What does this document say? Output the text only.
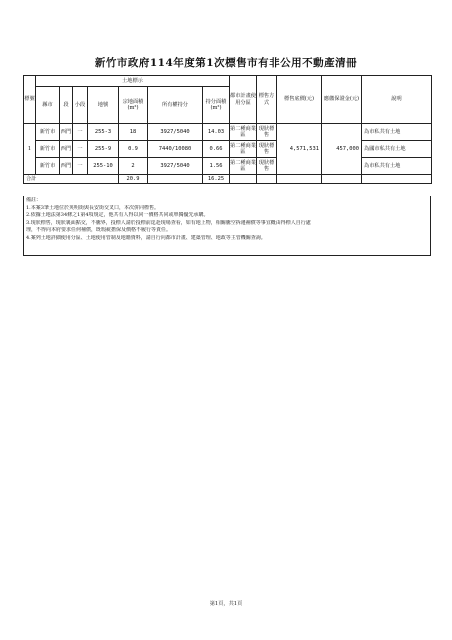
新竹市政府114年度第1次標售市有非公用不動產清冊
標號	土地標示							都市計畫使用分區	標售方式	標售底價(元)	應繳保證金(元)	說明
	縣市	段	小段	地號	宗地面積(m²)	所有權持分	持分面積(m²)					
1	新竹市	西門	一	255-3	18	3927/5040	14.03	第二種商業區	現狀標售	4,571,531	457,000	為市私共有土地
	新竹市	西門	一	255-9	0.9	7440/10080	0.66	第二種商業區	現狀標售			為國市私共有土地
	新竹市	西門	一	255-10	2	3927/5040	1.56	第二種商業區	現狀標售			為市私共有土地
合計					20.9		16.25					
備註：
1.本案3筆土地位於英明街與長安街交叉口，本次併同標售。
2.依據土地法第34條之1第4項規定，他共有人得以同一價格共同或單獨優先承購。
3.現狀標售，現狀裏面點交，不騰界，投標人請於投標前逕赴現場查看，如有地上物，相關騰空拆遷補償等事宜概由得標人自行處
理，不得向本府要求任何補償，既瑕疵擔保及價格不履行等責任。
4.案列土地詳細使用分區、土地使用管制及地籍資料，請自行向都市計畫、建築管理、地政等主管機關查詢。
第1頁，共1頁
